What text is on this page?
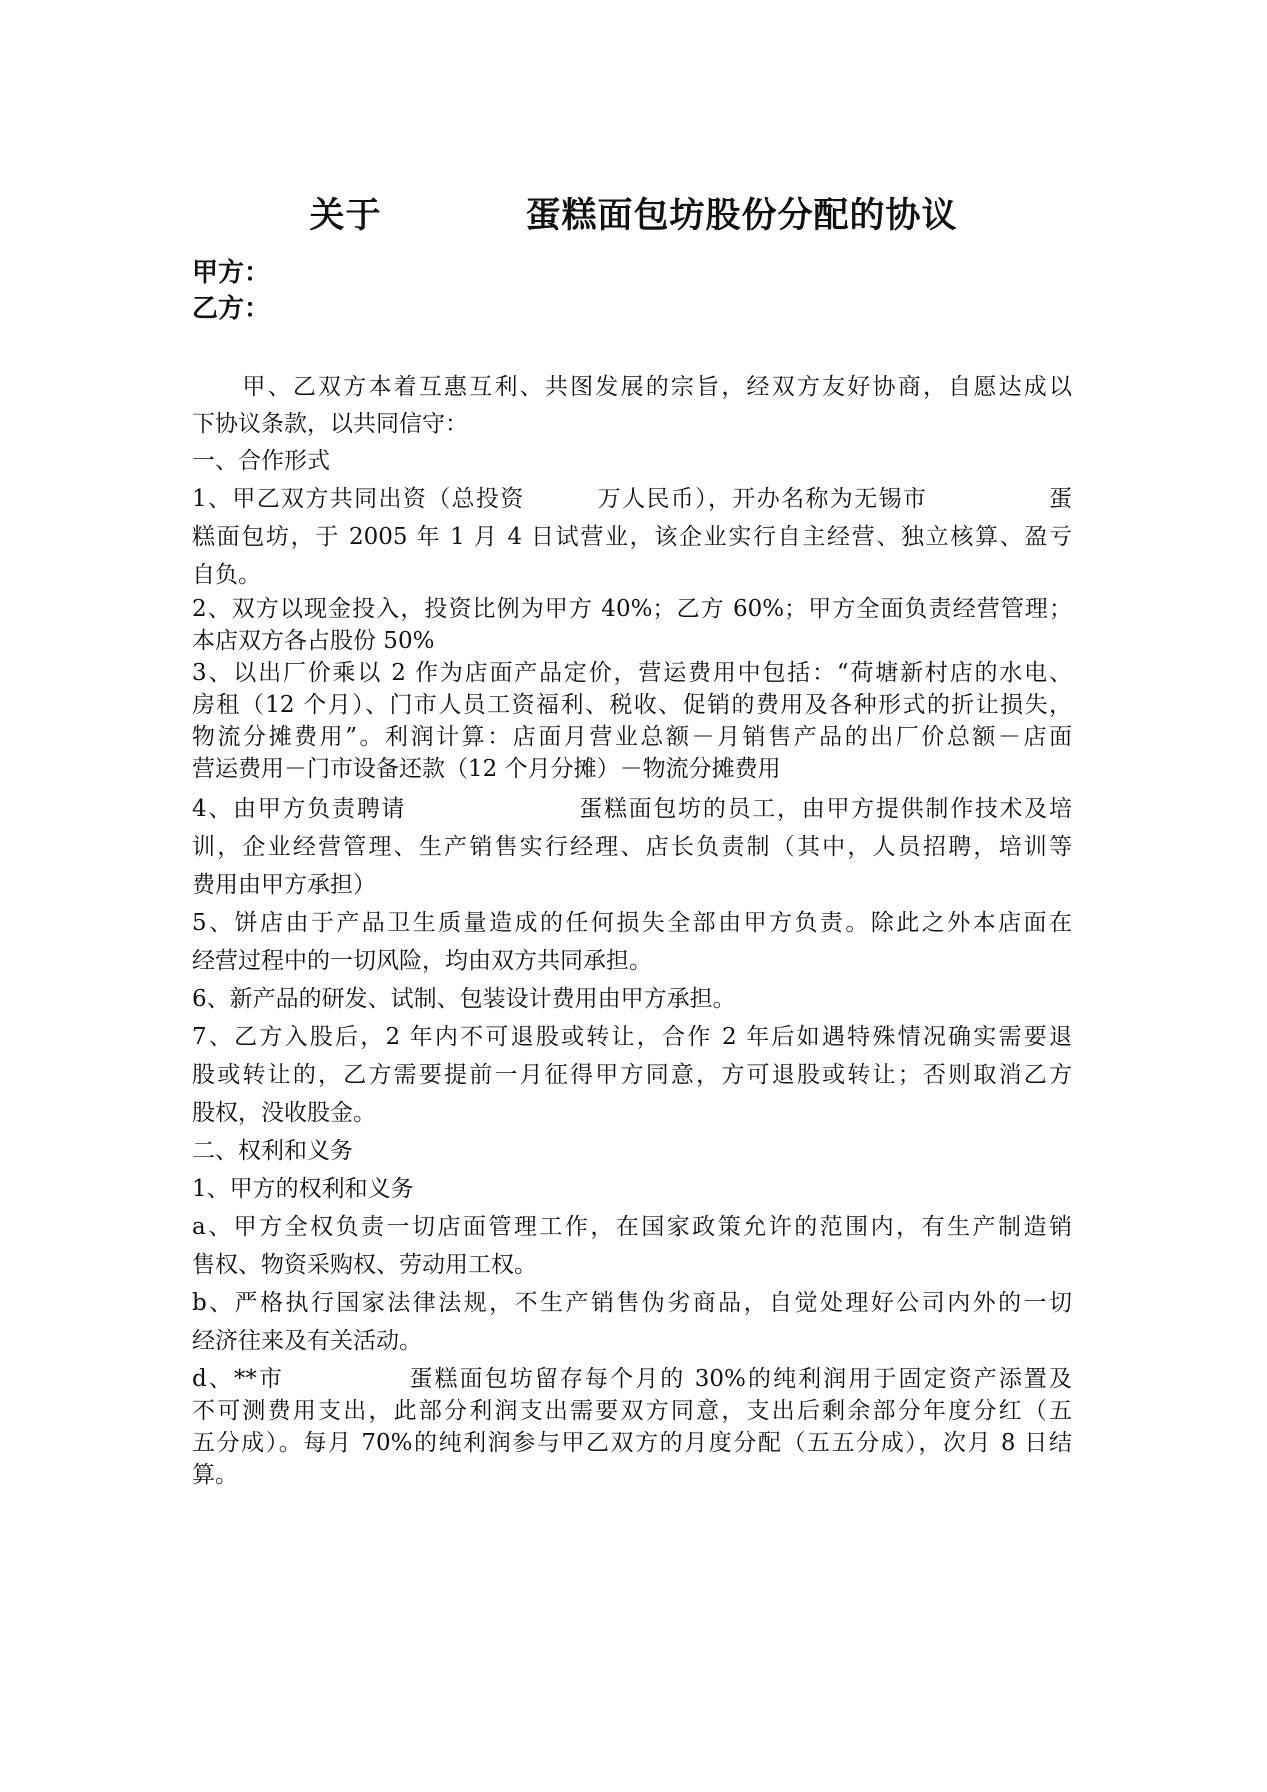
关于　　　　蛋糕面包坊股份分配的协议
甲方：
乙方：
　　甲、乙双方本着互惠互利、共图发展的宗旨，经双方友好协商，自愿达成以
下协议条款，以共同信守：
一、合作形式
1、甲乙双方共同出资（总投资　　　万人民币），开办名称为无锡市　　　　　蛋
糕面包坊，于 2005 年 1 月 4 日试营业，该企业实行自主经营、独立核算、盈亏
自负。
2、双方以现金投入，投资比例为甲方 40%；乙方 60%；甲方全面负责经营管理；
本店双方各占股份 50%
3、以出厂价乘以 2 作为店面产品定价，营运费用中包括：“荷塘新村店的水电、
房租（12 个月）、门市人员工资福利、税收、促销的费用及各种形式的折让损失，
物流分摊费用”。利润计算：店面月营业总额－月销售产品的出厂价总额－店面
营运费用－门市设备还款（12 个月分摊）－物流分摊费用
4、由甲方负责聘请　　　　　　　蛋糕面包坊的员工，由甲方提供制作技术及培
训，企业经营管理、生产销售实行经理、店长负责制（其中，人员招聘，培训等
费用由甲方承担）
5、饼店由于产品卫生质量造成的任何损失全部由甲方负责。除此之外本店面在
经营过程中的一切风险，均由双方共同承担。
6、新产品的研发、试制、包装设计费用由甲方承担。
7、乙方入股后，2 年内不可退股或转让，合作 2 年后如遇特殊情况确实需要退
股或转让的，乙方需要提前一月征得甲方同意，方可退股或转让；否则取消乙方
股权，没收股金。
二、权利和义务
1、甲方的权利和义务
a、甲方全权负责一切店面管理工作，在国家政策允许的范围内，有生产制造销
售权、物资采购权、劳动用工权。
b、严格执行国家法律法规，不生产销售伪劣商品，自觉处理好公司内外的一切
经济往来及有关活动。
d、**市　　　　　蛋糕面包坊留存每个月的 30%的纯利润用于固定资产添置及
不可测费用支出，此部分利润支出需要双方同意，支出后剩余部分年度分红（五
五分成）。每月 70%的纯利润参与甲乙双方的月度分配（五五分成），次月 8 日结
算。
